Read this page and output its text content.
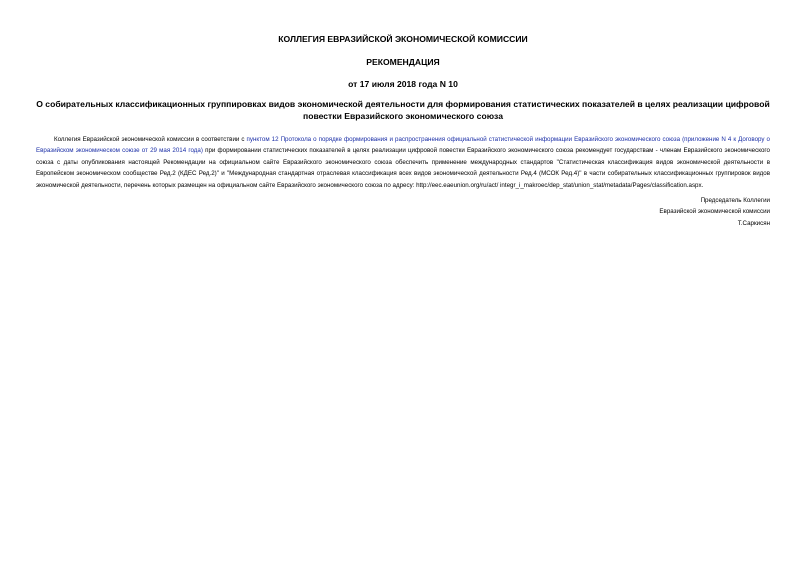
КОЛЛЕГИЯ ЕВРАЗИЙСКОЙ ЭКОНОМИЧЕСКОЙ КОМИССИИ

РЕКОМЕНДАЦИЯ

от 17 июля 2018 года N 10

О собирательных классификационных группировках видов экономической деятельности для формирования статистических показателей в целях реализации цифровой повестки Евразийского экономического союза

Коллегия Евразийской экономической комиссии в соответствии с пунктом 12 Протокола о порядке формирования и распространения официальной статистической информации Евразийского экономического союза (приложение N 4 к Договору о Евразийском экономическом союзе от 29 мая 2014 года) при формировании статистических показателей в целях реализации цифровой повестки Евразийского экономического союза рекомендует государствам - членам Евразийского экономического союза с даты опубликования настоящей Рекомендации на официальном сайте Евразийского экономического союза обеспечить применение международных стандартов "Статистическая классификация видов экономической деятельности в Европейском экономическом сообществе Ред.2 (КДЕС Ред.2)" и "Международная стандартная отраслевая классификация всех видов экономической деятельности Ред.4 (МСОК Ред.4)" в части собирательных классификационных группировок видов экономической деятельности, перечень которых размещен на официальном сайте Евразийского экономического союза по адресу: http://eec.eaeunion.org/ru/act/ integr_i_makroec/dep_stat/union_stat/metadata/Pages/classification.aspx.

Председатель Коллегии
Евразийской экономической комиссии
Т.Саркисян
